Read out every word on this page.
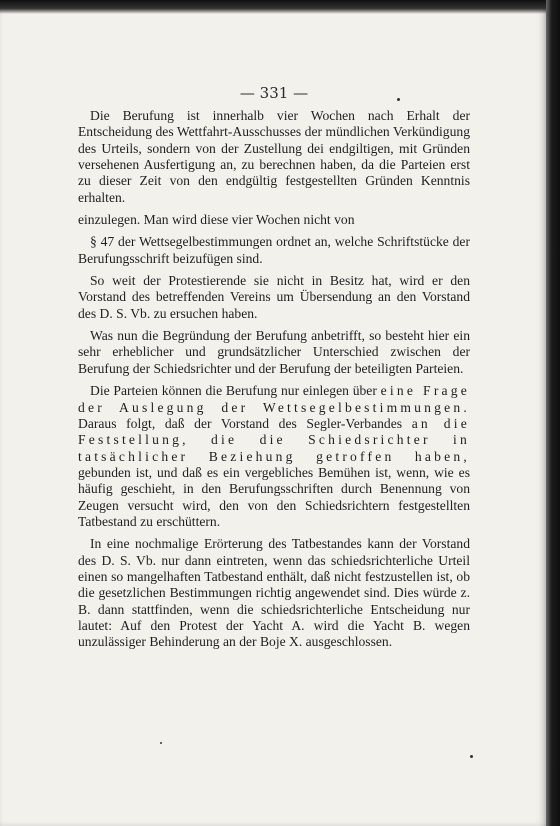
— 331 —

Die Berufung ist innerhalb vier Wochen nach Erhalt der Entscheidung des Wettfahrt-Ausschusses der mündlichen Verkündigung des Urteils, sondern von der Zustellung dei endgiltigen, mit Gründen versehenen Ausfertigung an, zu berechnen haben, da die Parteien erst zu dieser Zeit von den endgültig festgestellten Gründen Kenntnis erhalten.

einzulegen. Man wird diese vier Wochen nicht von

§ 47 der Wettsegelbestimmungen ordnet an, welche Schriftstücke der Berufungsschrift beizufügen sind.

So weit der Protestierende sie nicht in Besitz hat, wird er den Vorstand des betreffenden Vereins um Übersendung an den Vorstand des D. S. Vb. zu ersuchen haben.

Was nun die Begründung der Berufung anbetrifft, so besteht hier ein sehr erheblicher und grundsätzlicher Unterschied zwischen der Berufung der Schiedsrichter und der Berufung der beteiligten Parteien.

Die Parteien können die Berufung nur einlegen über eine Frage der Auslegung der Wettsegelbestimmungen. Daraus folgt, daß der Vorstand des Segler-Verbandes an die Feststellung, die die Schiedsrichter in tatsächlicher Beziehung getroffen haben, gebunden ist, und daß es ein vergebliches Bemühen ist, wenn, wie es häufig geschieht, in den Berufungsschriften durch Benennung von Zeugen versucht wird, den von den Schiedsrichtern festgestellten Tatbestand zu erschüttern.

In eine nochmalige Erörterung des Tatbestandes kann der Vorstand des D. S. Vb. nur dann eintreten, wenn das schiedsrichterliche Urteil einen so mangelhaften Tatbestand enthält, daß nicht festzustellen ist, ob die gesetzlichen Bestimmungen richtig angewendet sind. Dies würde z. B. dann stattfinden, wenn die schiedsrichterliche Entscheidung nur lautet: Auf den Protest der Yacht A. wird die Yacht B. wegen unzulässiger Behinderung an der Boje X. ausgeschlossen.
